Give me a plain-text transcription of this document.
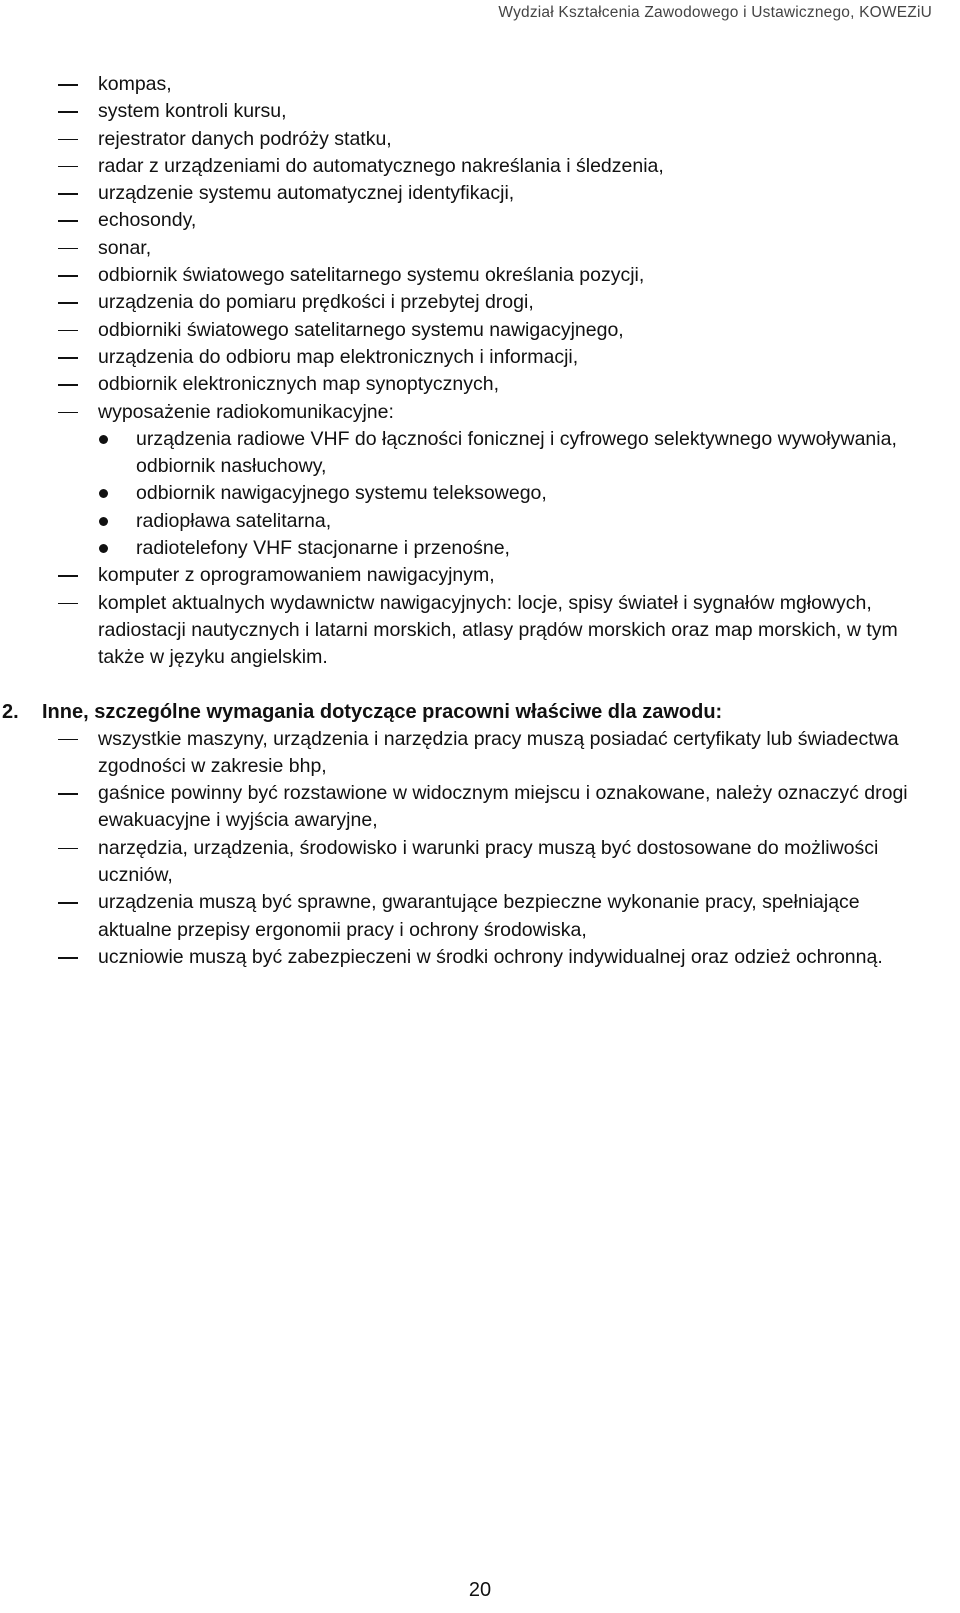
Wydział Kształcenia Zawodowego i Ustawicznego, KOWEZiU
kompas,
system kontroli kursu,
rejestrator danych podróży statku,
radar z urządzeniami do automatycznego nakreślania i śledzenia,
urządzenie systemu automatycznej identyfikacji,
echosondy,
sonar,
odbiornik światowego satelitarnego systemu określania pozycji,
urządzenia do pomiaru prędkości i przebytej drogi,
odbiorniki światowego satelitarnego systemu nawigacyjnego,
urządzenia do odbioru map elektronicznych i informacji,
odbiornik elektronicznych map synoptycznych,
wyposażenie radiokomunikacyjne:
urządzenia radiowe VHF do łączności fonicznej i cyfrowego selektywnego wywoływania, odbiornik nasłuchowy,
odbiornik nawigacyjnego systemu teleksowego,
radiopława satelitarna,
radiotelefony VHF stacjonarne i przenośne,
komputer z oprogramowaniem nawigacyjnym,
komplet aktualnych wydawnictw nawigacyjnych: locje, spisy świateł i sygnałów mgłowych, radiostacji nautycznych i latarni morskich, atlasy prądów morskich oraz map morskich, w tym także w języku angielskim.
2.	Inne, szczególne wymagania dotyczące pracowni właściwe dla zawodu:
wszystkie maszyny, urządzenia i narzędzia pracy muszą posiadać certyfikaty lub świadectwa zgodności w zakresie bhp,
gaśnice powinny być rozstawione w widocznym miejscu i oznakowane, należy oznaczyć drogi ewakuacyjne i wyjścia awaryjne,
narzędzia, urządzenia, środowisko i warunki pracy muszą być dostosowane do możliwości uczniów,
urządzenia muszą być sprawne, gwarantujące bezpieczne wykonanie pracy, spełniające aktualne przepisy ergonomii pracy i ochrony środowiska,
uczniowie muszą być zabezpieczeni w środki ochrony indywidualnej oraz odzież ochronną.
20
